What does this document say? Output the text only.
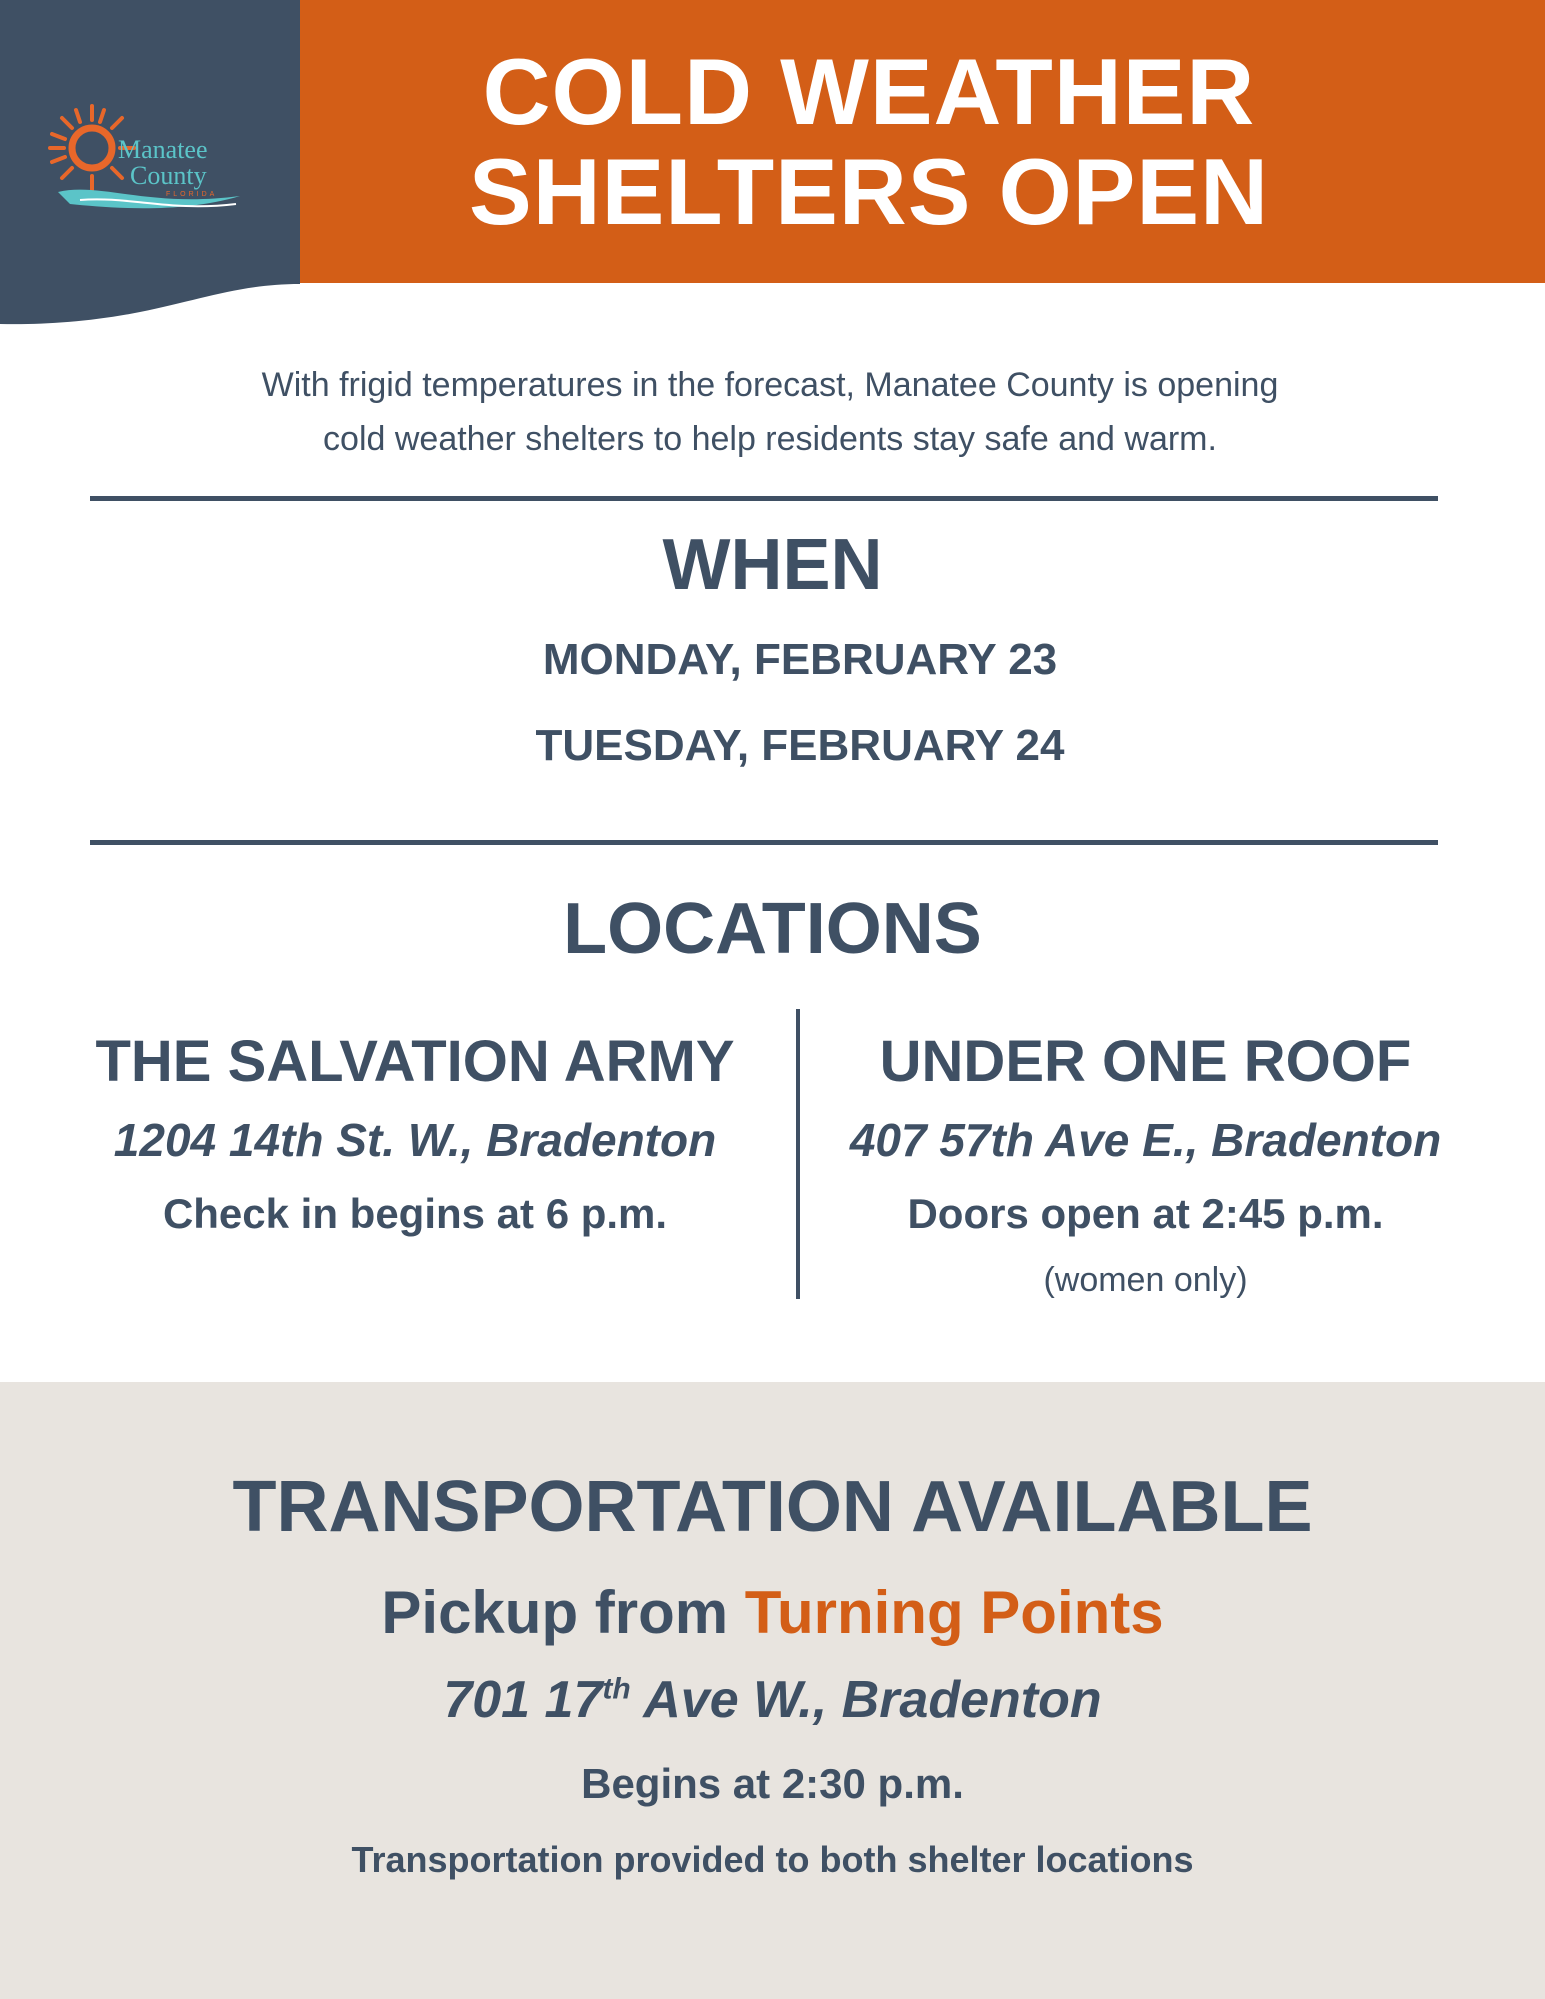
Manatee
County
FLORIDA
COLD WEATHER
SHELTERS OPEN
With frigid temperatures in the forecast, Manatee County is opening
cold weather shelters to help residents stay safe and warm.
WHEN
MONDAY, FEBRUARY 23
TUESDAY, FEBRUARY 24
LOCATIONS
THE SALVATION ARMY
1204 14th St. W., Bradenton
Check in begins at 6 p.m.
UNDER ONE ROOF
407 57th Ave E., Bradenton
Doors open at 2:45 p.m.
(women only)
TRANSPORTATION AVAILABLE
Pickup from Turning Points
701 17th Ave W., Bradenton
Begins at 2:30 p.m.
Transportation provided to both shelter locations
